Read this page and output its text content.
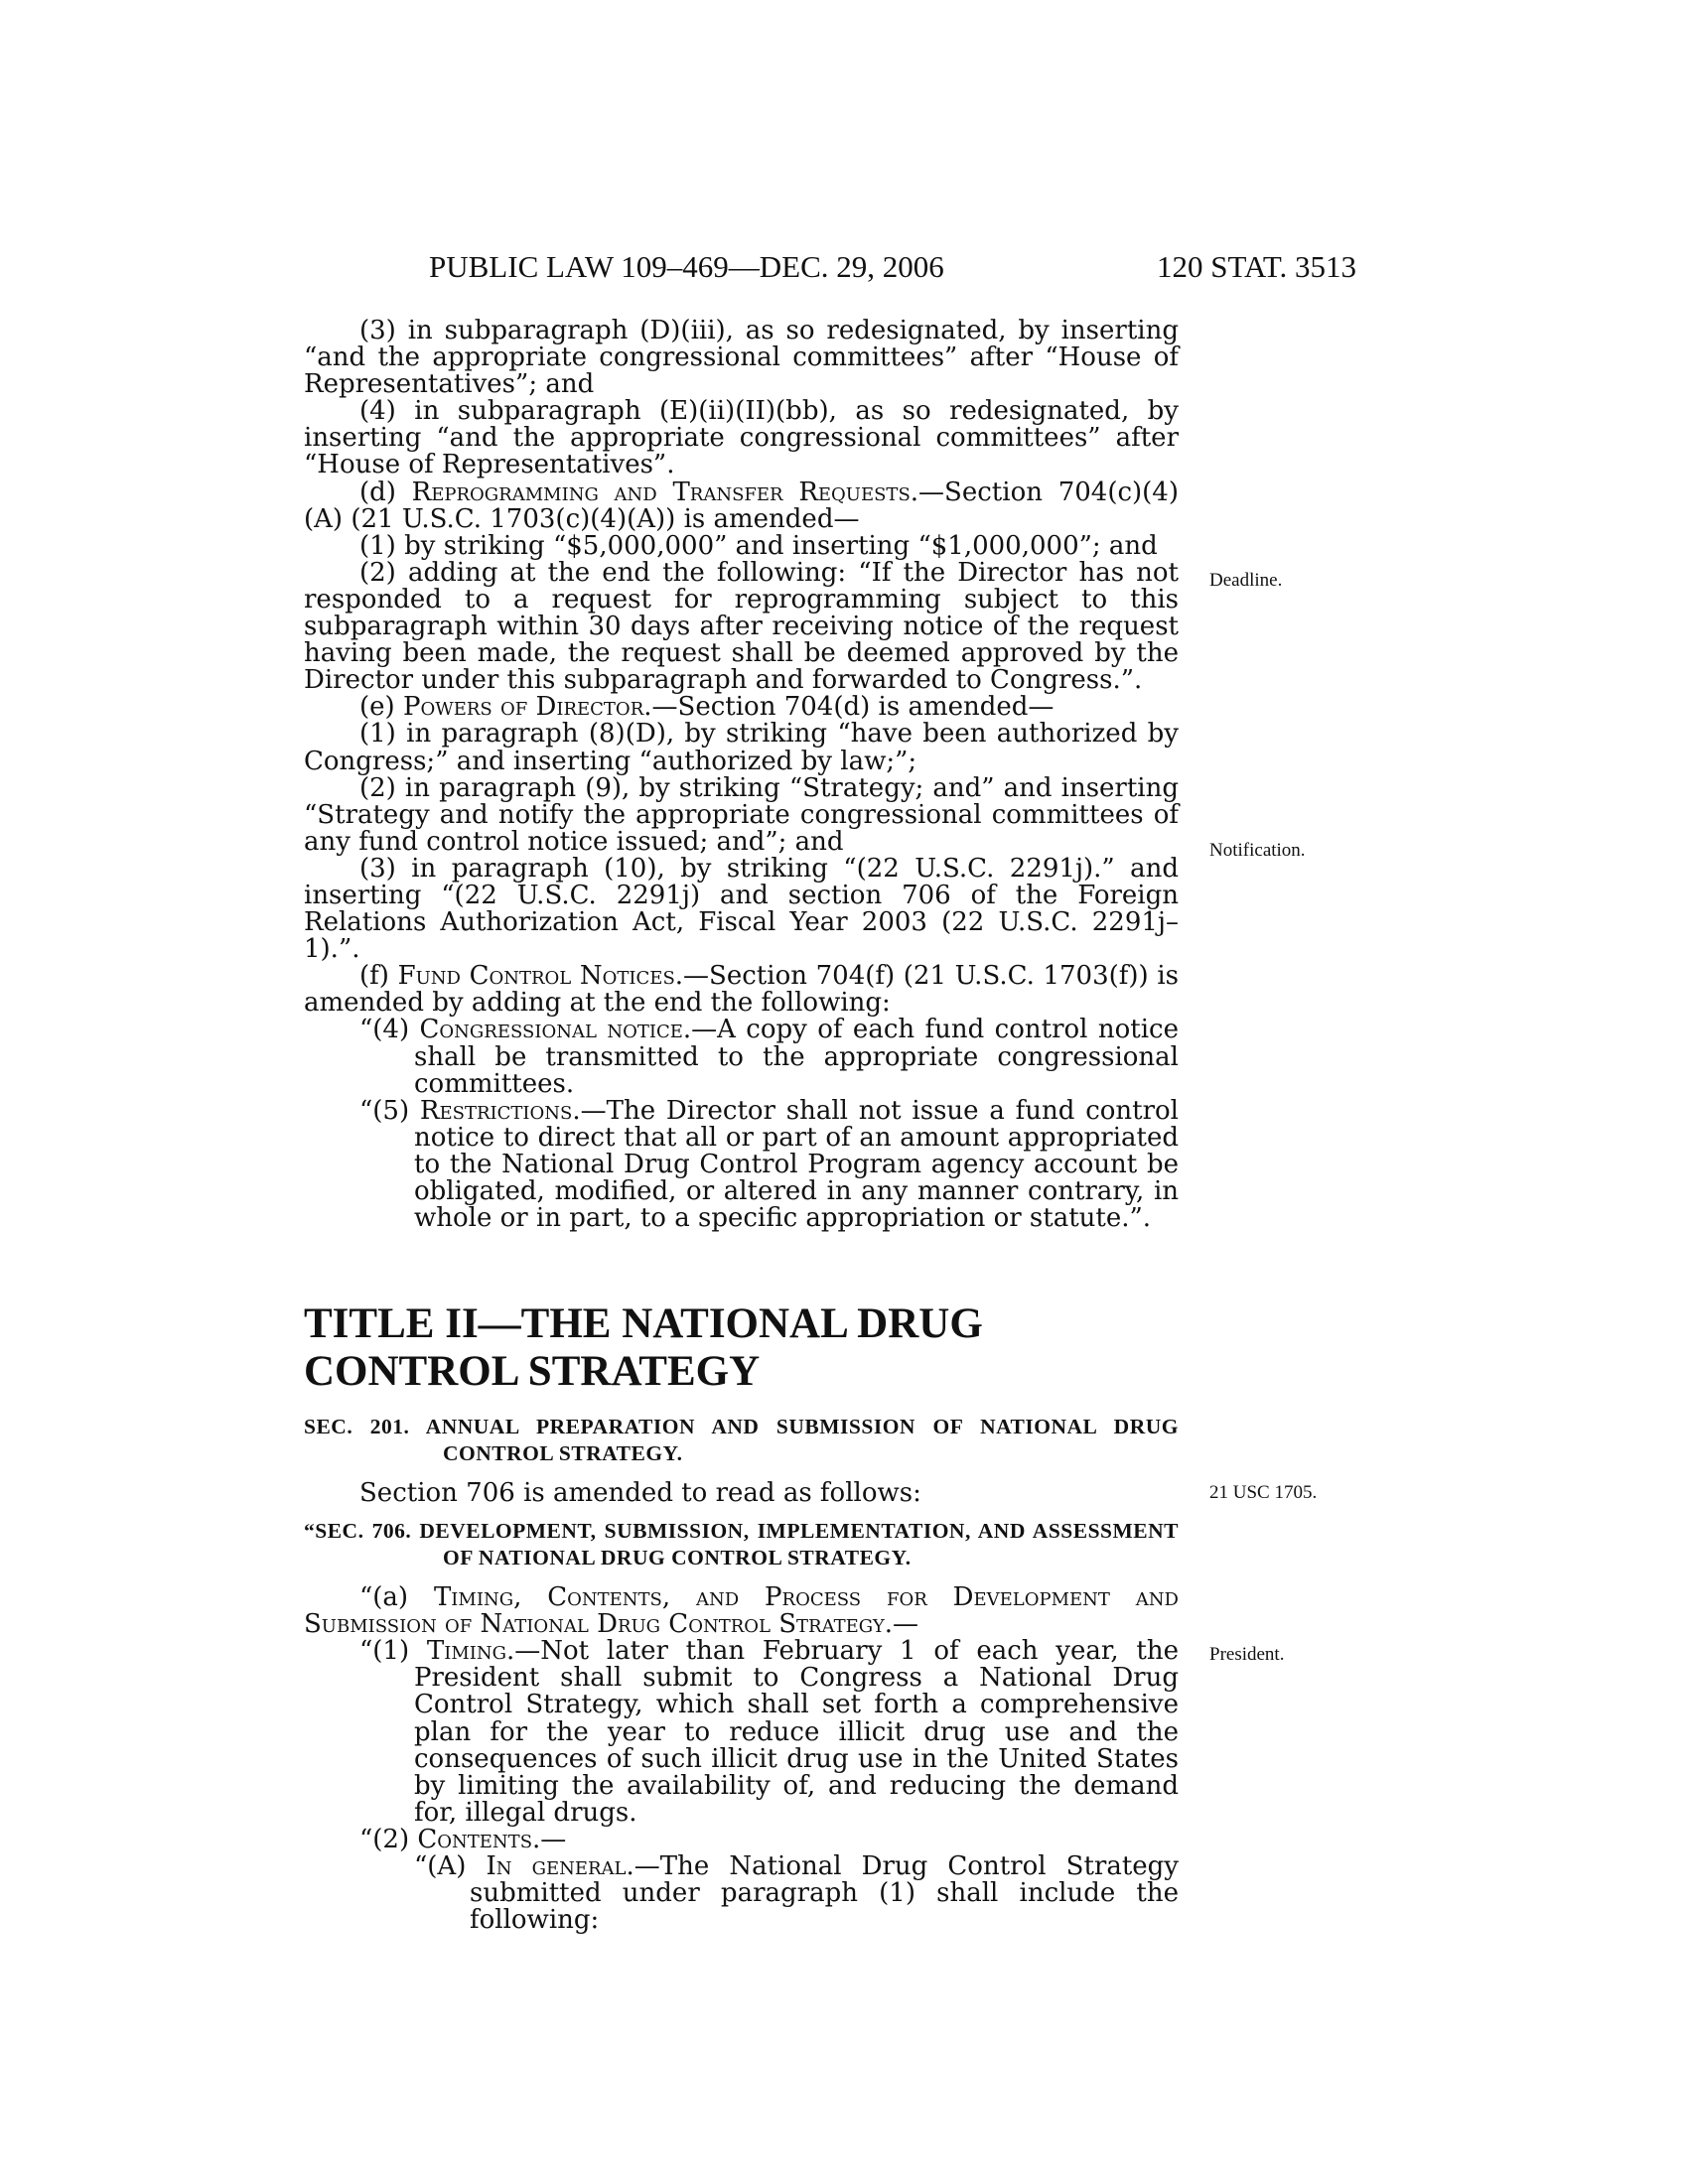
PUBLIC LAW 109–469—DEC. 29, 2006	120 STAT. 3513

(3) in subparagraph (D)(iii), as so redesignated, by inserting “and the appropriate congressional committees” after “House of Representatives”; and

(4) in subparagraph (E)(ii)(II)(bb), as so redesignated, by inserting “and the appropriate congressional committees” after “House of Representatives”.

(d) Reprogramming and Transfer Requests.—Section 704(c)(4)(A) (21 U.S.C. 1703(c)(4)(A)) is amended—

(1) by striking “$5,000,000” and inserting “$1,000,000”; and

(2) adding at the end the following: “If the Director has not responded to a request for reprogramming subject to this subparagraph within 30 days after receiving notice of the request having been made, the request shall be deemed approved by the Director under this subparagraph and forwarded to Congress.”.

(e) Powers of Director.—Section 704(d) is amended—

(1) in paragraph (8)(D), by striking “have been authorized by Congress;” and inserting “authorized by law;”;

(2) in paragraph (9), by striking “Strategy; and” and inserting “Strategy and notify the appropriate congressional committees of any fund control notice issued; and”; and

(3) in paragraph (10), by striking “(22 U.S.C. 2291j).” and inserting “(22 U.S.C. 2291j) and section 706 of the Foreign Relations Authorization Act, Fiscal Year 2003 (22 U.S.C. 2291j–1).”.

(f) Fund Control Notices.—Section 704(f) (21 U.S.C. 1703(f)) is amended by adding at the end the following:

“(4) Congressional notice.—A copy of each fund control notice shall be transmitted to the appropriate congressional committees.

“(5) Restrictions.—The Director shall not issue a fund control notice to direct that all or part of an amount appropriated to the National Drug Control Program agency account be obligated, modified, or altered in any manner contrary, in whole or in part, to a specific appropriation or statute.”.

TITLE II—THE NATIONAL DRUG

CONTROL STRATEGY

SEC. 201. ANNUAL PREPARATION AND SUBMISSION OF NATIONAL DRUG CONTROL STRATEGY.

Section 706 is amended to read as follows:

“SEC. 706. DEVELOPMENT, SUBMISSION, IMPLEMENTATION, AND ASSESSMENT OF NATIONAL DRUG CONTROL STRATEGY.

“(a) Timing, Contents, and Process for Development and Submission of National Drug Control Strategy.—

“(1) Timing.—Not later than February 1 of each year, the President shall submit to Congress a National Drug Control Strategy, which shall set forth a comprehensive plan for the year to reduce illicit drug use and the consequences of such illicit drug use in the United States by limiting the availability of, and reducing the demand for, illegal drugs.

“(2) Contents.—

“(A) In general.—The National Drug Control Strategy submitted under paragraph (1) shall include the following:

Deadline.
Notification.
21 USC 1705.
President.
